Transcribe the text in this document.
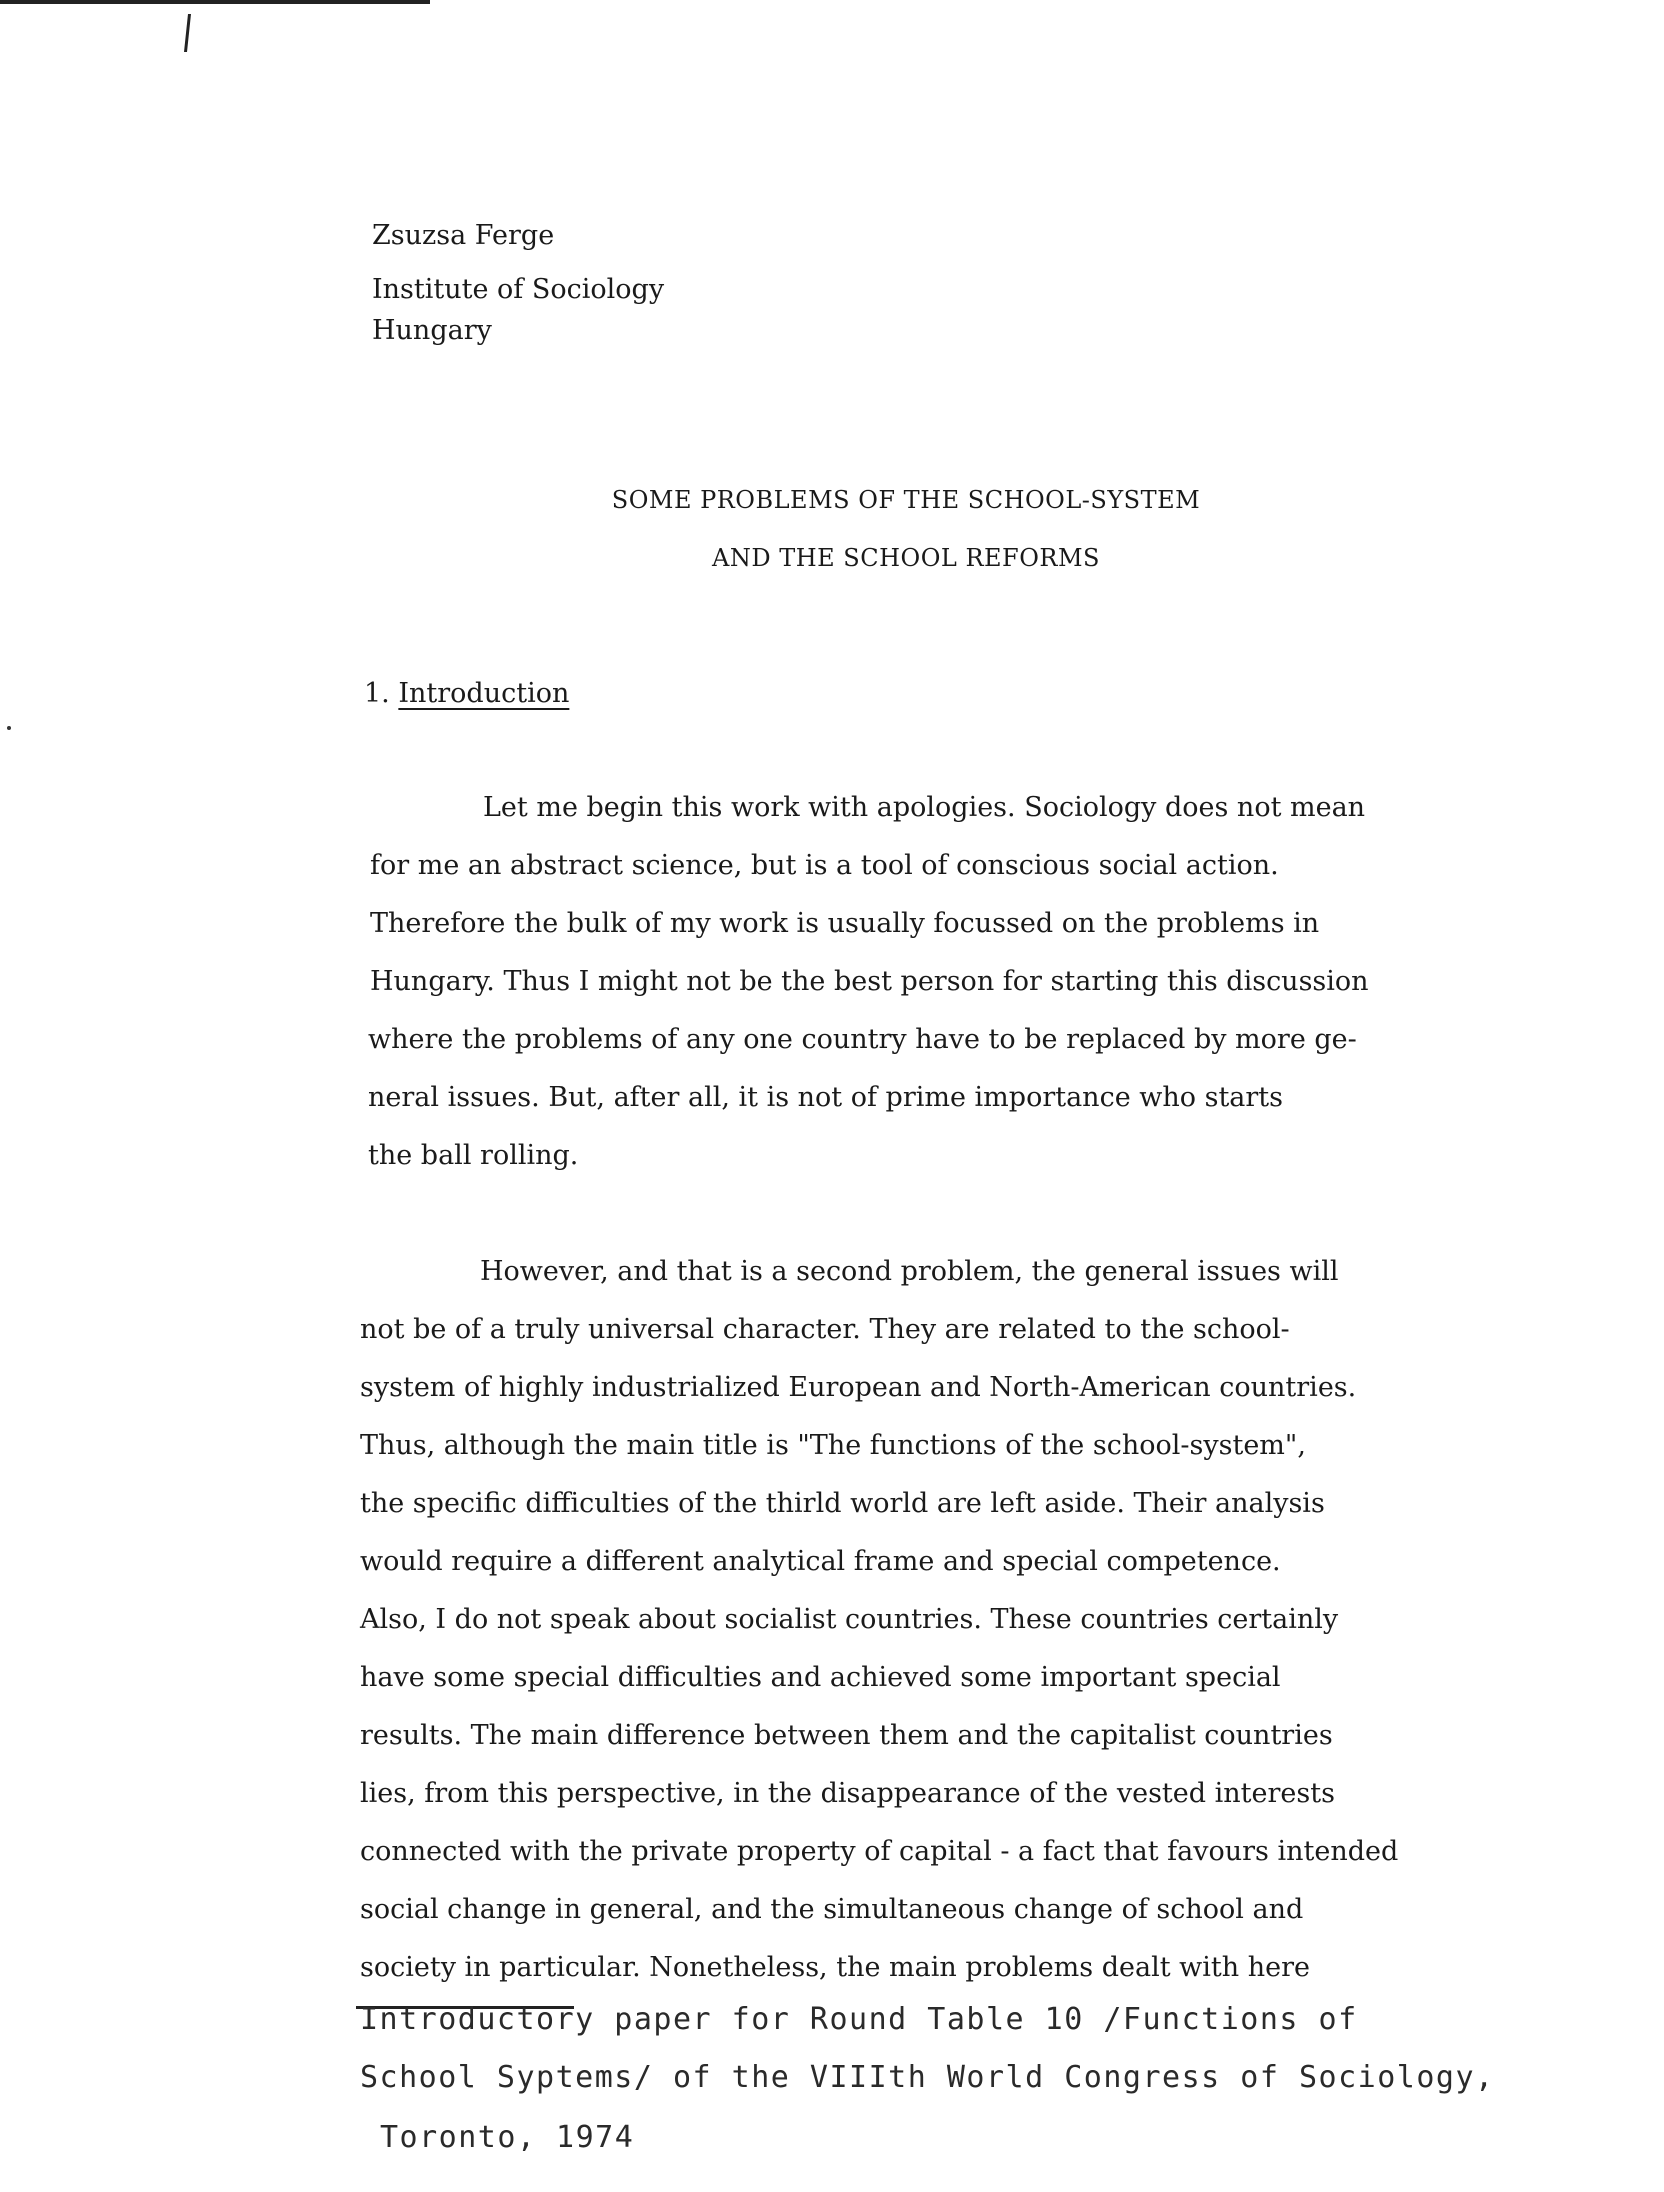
Zsuzsa Ferge
Institute of Sociology
Hungary
SOME PROBLEMS OF THE SCHOOL-SYSTEM
AND THE SCHOOL REFORMS
1. Introduction
Let me begin this work with apologies. Sociology does not mean
for me an abstract science, but is a tool of conscious social action.
Therefore the bulk of my work is usually focussed on the problems in
Hungary. Thus I might not be the best person for starting this discussion
where the problems of any one country have to be replaced by more ge-
neral issues. But, after all, it is not of prime importance who starts
the ball rolling.
However, and that is a second problem, the general issues will
not be of a truly universal character. They are related to the school-
system of highly industrialized European and North-American countries.
Thus, although the main title is "The functions of the school-system",
the specific difficulties of the thirld world are left aside. Their analysis
would require a different analytical frame and special competence.
Also, I do not speak about socialist countries. These countries certainly
have some special difficulties and achieved some important special
results. The main difference between them and the capitalist countries
lies, from this perspective, in the disappearance of the vested interests
connected with the private property of capital - a fact that favours intended
social change in general, and the simultaneous change of school and
society in particular. Nonetheless, the main problems dealt with here
Introductory paper for Round Table 10 /Functions of
School Syptems/ of the VIIIth World Congress of Sociology,
Toronto, 1974
